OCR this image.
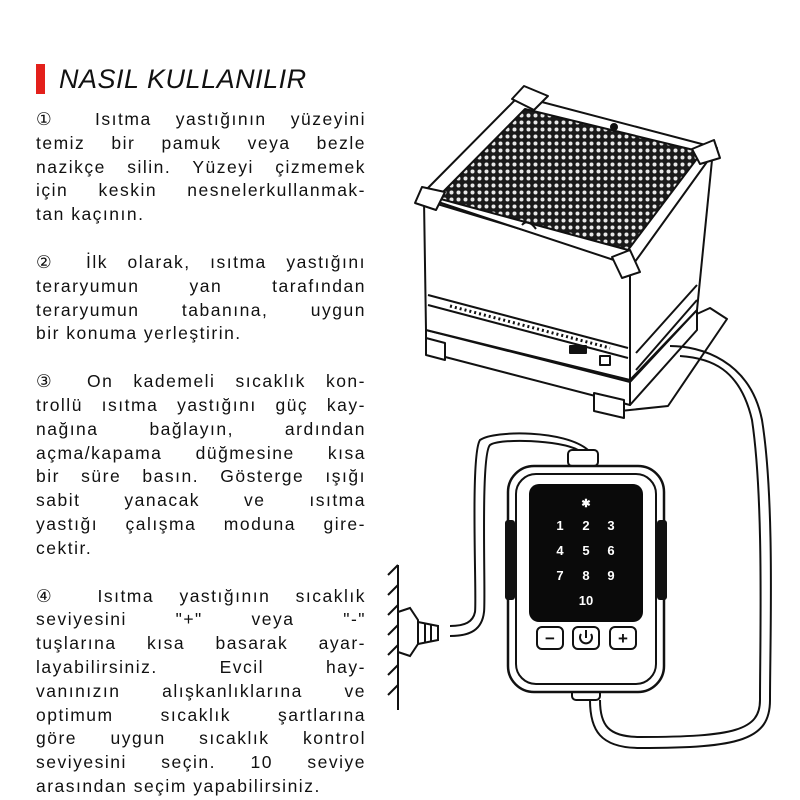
NASIL KULLANILIR
① Isıtma yastığının yüzeyini
temiz bir pamuk veya bezle
nazikçe silin. Yüzeyi çizmemek
için keskin nesnelerkullanmak-
tan kaçının.
② İlk olarak, ısıtma yastığını
teraryumun yan tarafından
teraryumun tabanına, uygun
bir konuma yerleştirin.
③ On kademeli sıcaklık kon-
trollü ısıtma yastığını güç kay-
nağına bağlayın, ardından
açma/kapama düğmesine kısa
bir süre basın. Gösterge ışığı
sabit yanacak ve ısıtma
yastığı çalışma moduna gire-
cektir.
④ Isıtma yastığının sıcaklık
seviyesini "+" veya "-"
tuşlarına kısa basarak ayar-
layabilirsiniz. Evcil hay-
vanınızın alışkanlıklarına ve
optimum sıcaklık şartlarına
göre uygun sıcaklık kontrol
seviyesini seçin. 10 seviye
arasından seçim yapabilirsiniz.
✱
1 2 3
4 5 6
7 8 9
10
−	+
